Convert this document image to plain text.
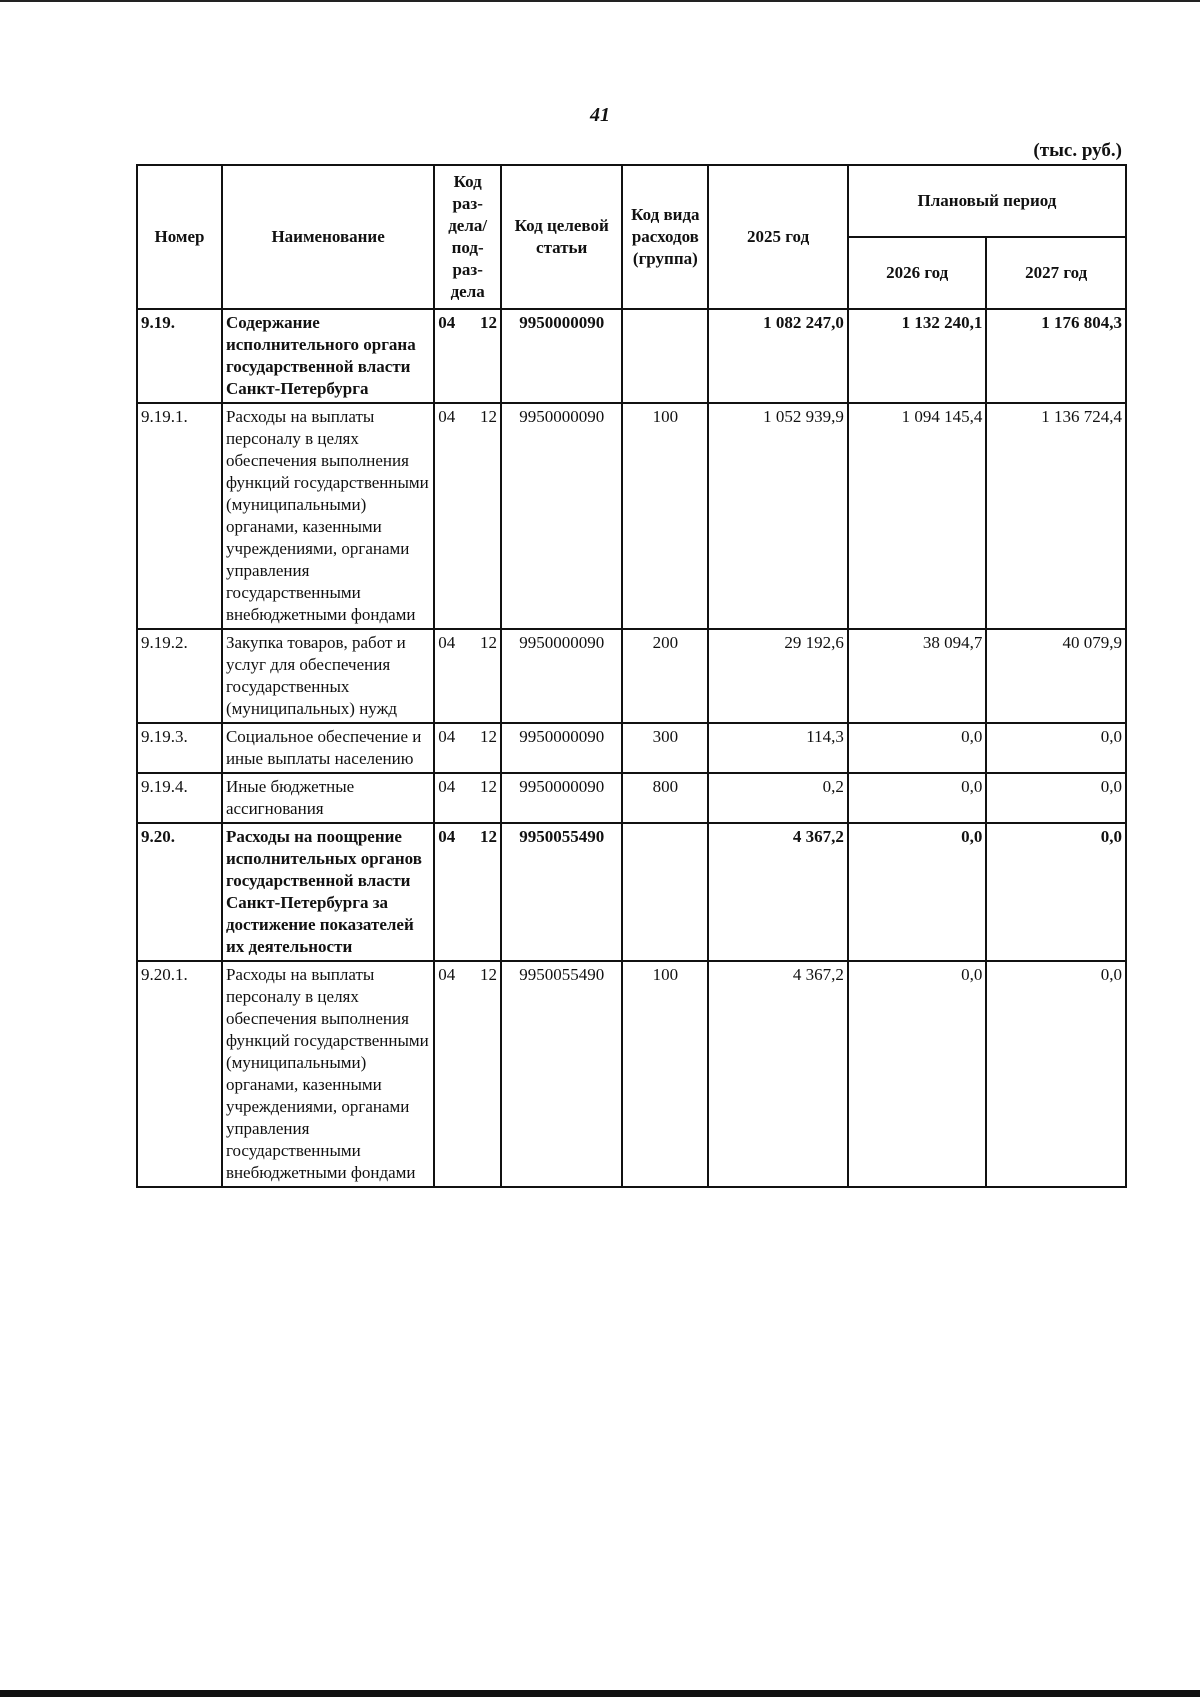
41
(тыс. руб.)
Номер	Наименование	Код раз- дела/ под- раз- дела	Код целевой статьи	Код вида расходов (группа)	2025 год	Плановый период	
						2026 год	2027 год
9.19.	Содержание исполнительного органа государственной власти Санкт-Петербурга	04 12	9950000090		1 082 247,0	1 132 240,1	1 176 804,3
9.19.1.	Расходы на выплаты персоналу в целях обеспечения выполнения функций государственными (муниципальными) органами, казенными учреждениями, органами управления государственными внебюджетными фондами	04 12	9950000090	100	1 052 939,9	1 094 145,4	1 136 724,4
9.19.2.	Закупка товаров, работ и услуг для обеспечения государственных (муниципальных) нужд	04 12	9950000090	200	29 192,6	38 094,7	40 079,9
9.19.3.	Социальное обеспечение и иные выплаты населению	04 12	9950000090	300	114,3	0,0	0,0
9.19.4.	Иные бюджетные ассигнования	04 12	9950000090	800	0,2	0,0	0,0
9.20.	Расходы на поощрение исполнительных органов государственной власти Санкт-Петербурга за достижение показателей их деятельности	04 12	9950055490		4 367,2	0,0	0,0
9.20.1.	Расходы на выплаты персоналу в целях обеспечения выполнения функций государственными (муниципальными) органами, казенными учреждениями, органами управления государственными внебюджетными фондами	04 12	9950055490	100	4 367,2	0,0	0,0
